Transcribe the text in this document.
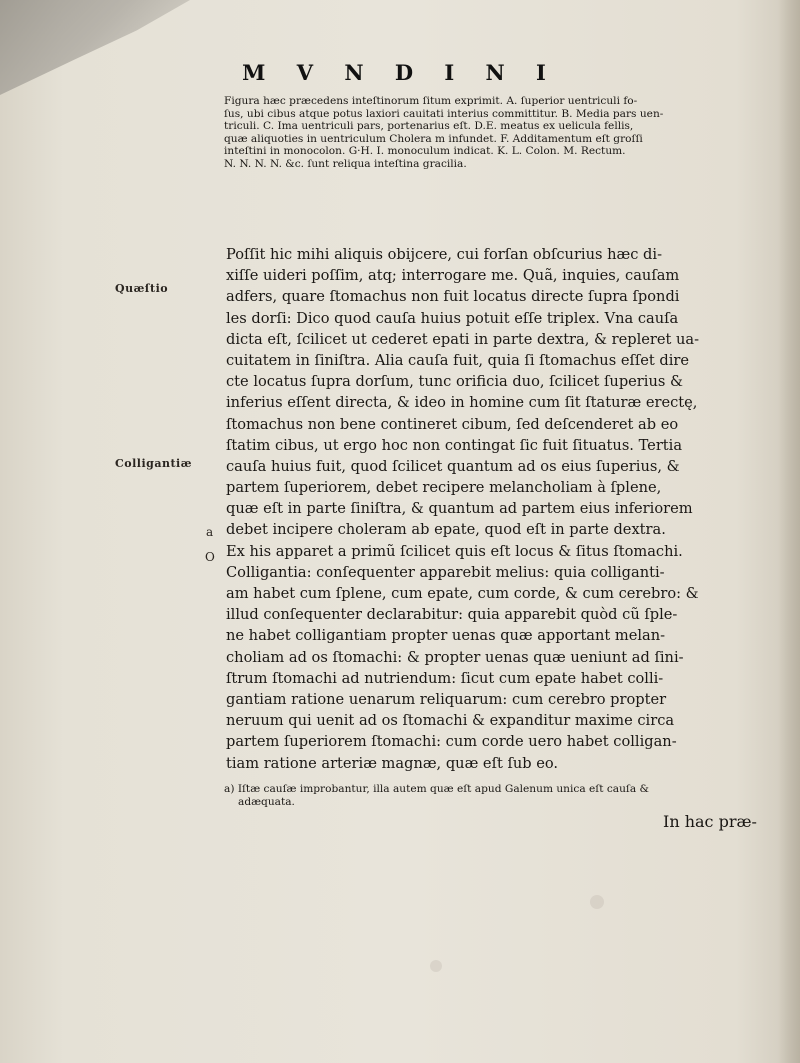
M V N D I N I
Figura hæc præcedens inteſtinorum ſitum exprimit. A. ſuperior uentriculi fo-
ſus, ubi cibus atque potus laxiori cauitati interius committitur. B. Media pars uen-
triculi. C. Ima uentriculi pars, portenarius eſt. D.E. meatus ex uelicula fellis,
quæ aliquoties in uentriculum Cholera m infundet. F. Additamentum eſt groſſi
inteſtini in monocolon. G·H. I. monoculum indicat. K. L. Colon. M. Rectum.
N. N. N. N. &c. ſunt reliqua inteſtina gracilia.
Quæſtio
Colligantiæ
a
O
Poſſit hic mihi aliquis obijcere, cui forſan obſcurius hæc di-
xiſſe uideri poſſim, atq; interrogare me. Quã, inquies, cauſam
adfers, quare ſtomachus non fuit locatus directe ſupra ſpondi
les dorſi: Dico quod cauſa huius potuit eſſe triplex. Vna cauſa
dicta eſt, ſcilicet ut cederet epati in parte dextra, & repleret ua-
cuitatem in ſiniſtra. Alia cauſa fuit, quia ſi ſtomachus eſſet dire
cte locatus ſupra dorſum, tunc orificia duo, ſcilicet ſuperius &
inferius eſſent directa, & ideo in homine cum ſit ſtaturæ erectę,
ſtomachus non bene contineret cibum, ſed deſcenderet ab eo
ſtatim cibus, ut ergo hoc non contingat ſic fuit ſituatus. Tertia
cauſa huius fuit, quod ſcilicet quantum ad os eius ſuperius, &
partem ſuperiorem, debet recipere melancholiam à ſplene,
quæ eſt in parte ſiniſtra, & quantum ad partem eius inferiorem
debet incipere choleram ab epate, quod eſt in parte dextra.
Ex his apparet a primũ ſcilicet quis eſt locus & ſitus ſtomachi.
Colligantia: conſequenter apparebit melius: quia colliganti-
am habet cum ſplene, cum epate, cum corde, & cum cerebro: &
illud conſequenter declarabitur: quia apparebit quòd cũ ſple-
ne habet colligantiam propter uenas quæ apportant melan-
choliam ad os ſtomachi: & propter uenas quæ ueniunt ad ſini-
ſtrum ſtomachi ad nutriendum: ſicut cum epate habet colli-
gantiam ratione uenarum reliquarum: cum cerebro propter
neruum qui uenit ad os ſtomachi & expanditur maxime circa
partem ſuperiorem ſtomachi: cum corde uero habet colligan-
tiam ratione arteriæ magnæ, quæ eſt ſub eo.
a) Iſtæ cauſæ improbantur, illa autem quæ eſt apud Galenum unica eſt cauſa &
adæquata.
In hac præ-
